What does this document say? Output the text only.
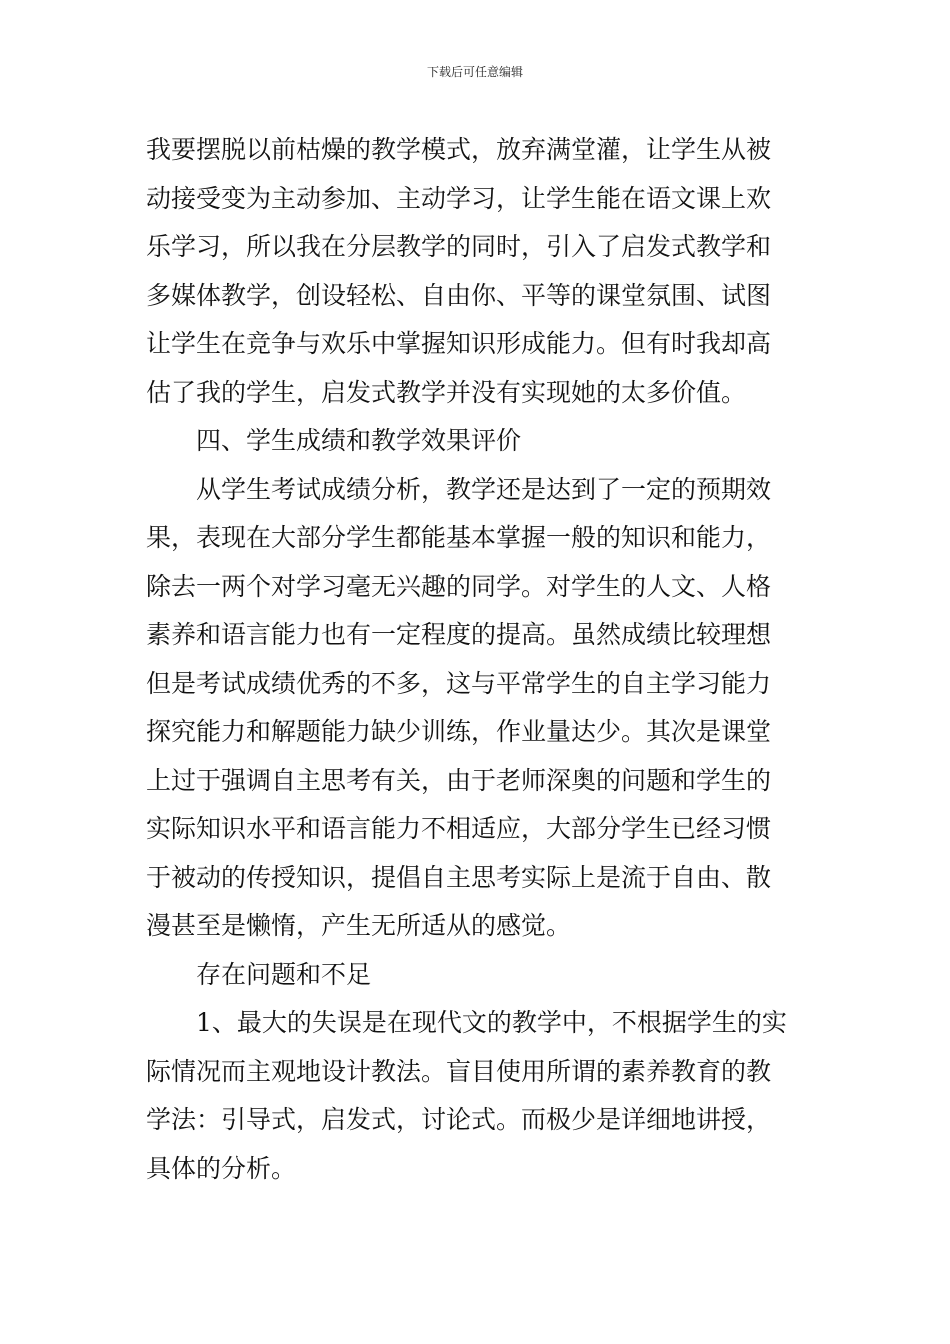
下载后可任意编辑
我要摆脱以前枯燥的教学模式，放弃满堂灌，让学生从被
动接受变为主动参加、主动学习，让学生能在语文课上欢
乐学习，所以我在分层教学的同时，引入了启发式教学和
多媒体教学，创设轻松、自由你、平等的课堂氛围、试图
让学生在竞争与欢乐中掌握知识形成能力。但有时我却高
估了我的学生，启发式教学并没有实现她的太多价值。
四、学生成绩和教学效果评价
从学生考试成绩分析，教学还是达到了一定的预期效
果，表现在大部分学生都能基本掌握一般的知识和能力，
除去一两个对学习毫无兴趣的同学。对学生的人文、人格
素养和语言能力也有一定程度的提高。虽然成绩比较理想
但是考试成绩优秀的不多，这与平常学生的自主学习能力
探究能力和解题能力缺少训练，作业量达少。其次是课堂
上过于强调自主思考有关，由于老师深奥的问题和学生的
实际知识水平和语言能力不相适应，大部分学生已经习惯
于被动的传授知识，提倡自主思考实际上是流于自由、散
漫甚至是懒惰，产生无所适从的感觉。
存在问题和不足
1、最大的失误是在现代文的教学中，不根据学生的实
际情况而主观地设计教法。盲目使用所谓的素养教育的教
学法：引导式，启发式，讨论式。而极少是详细地讲授，
具体的分析。
